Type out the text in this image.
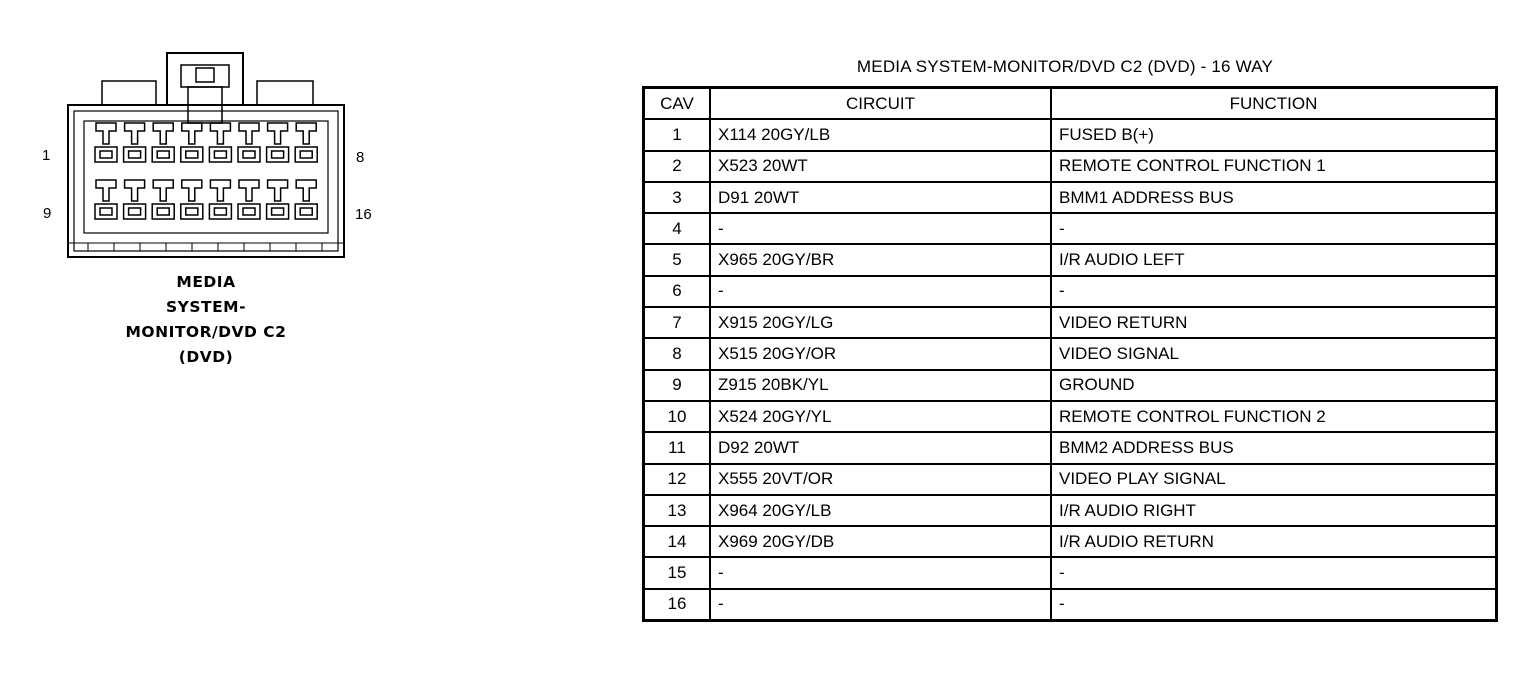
1	8
9	16
MEDIA
SYSTEM-
MONITOR/DVD C2
(DVD)
MEDIA SYSTEM-MONITOR/DVD C2 (DVD) - 16 WAY
CAV	CIRCUIT	FUNCTION
1	X114 20GY/LB	FUSED B(+)
2	X523 20WT	REMOTE CONTROL FUNCTION 1
3	D91 20WT	BMM1 ADDRESS BUS
4	-	-
5	X965 20GY/BR	I/R AUDIO LEFT
6	-	-
7	X915 20GY/LG	VIDEO RETURN
8	X515 20GY/OR	VIDEO SIGNAL
9	Z915 20BK/YL	GROUND
10	X524 20GY/YL	REMOTE CONTROL FUNCTION 2
11	D92 20WT	BMM2 ADDRESS BUS
12	X555 20VT/OR	VIDEO PLAY SIGNAL
13	X964 20GY/LB	I/R AUDIO RIGHT
14	X969 20GY/DB	I/R AUDIO RETURN
15	-	-
16	-	-
